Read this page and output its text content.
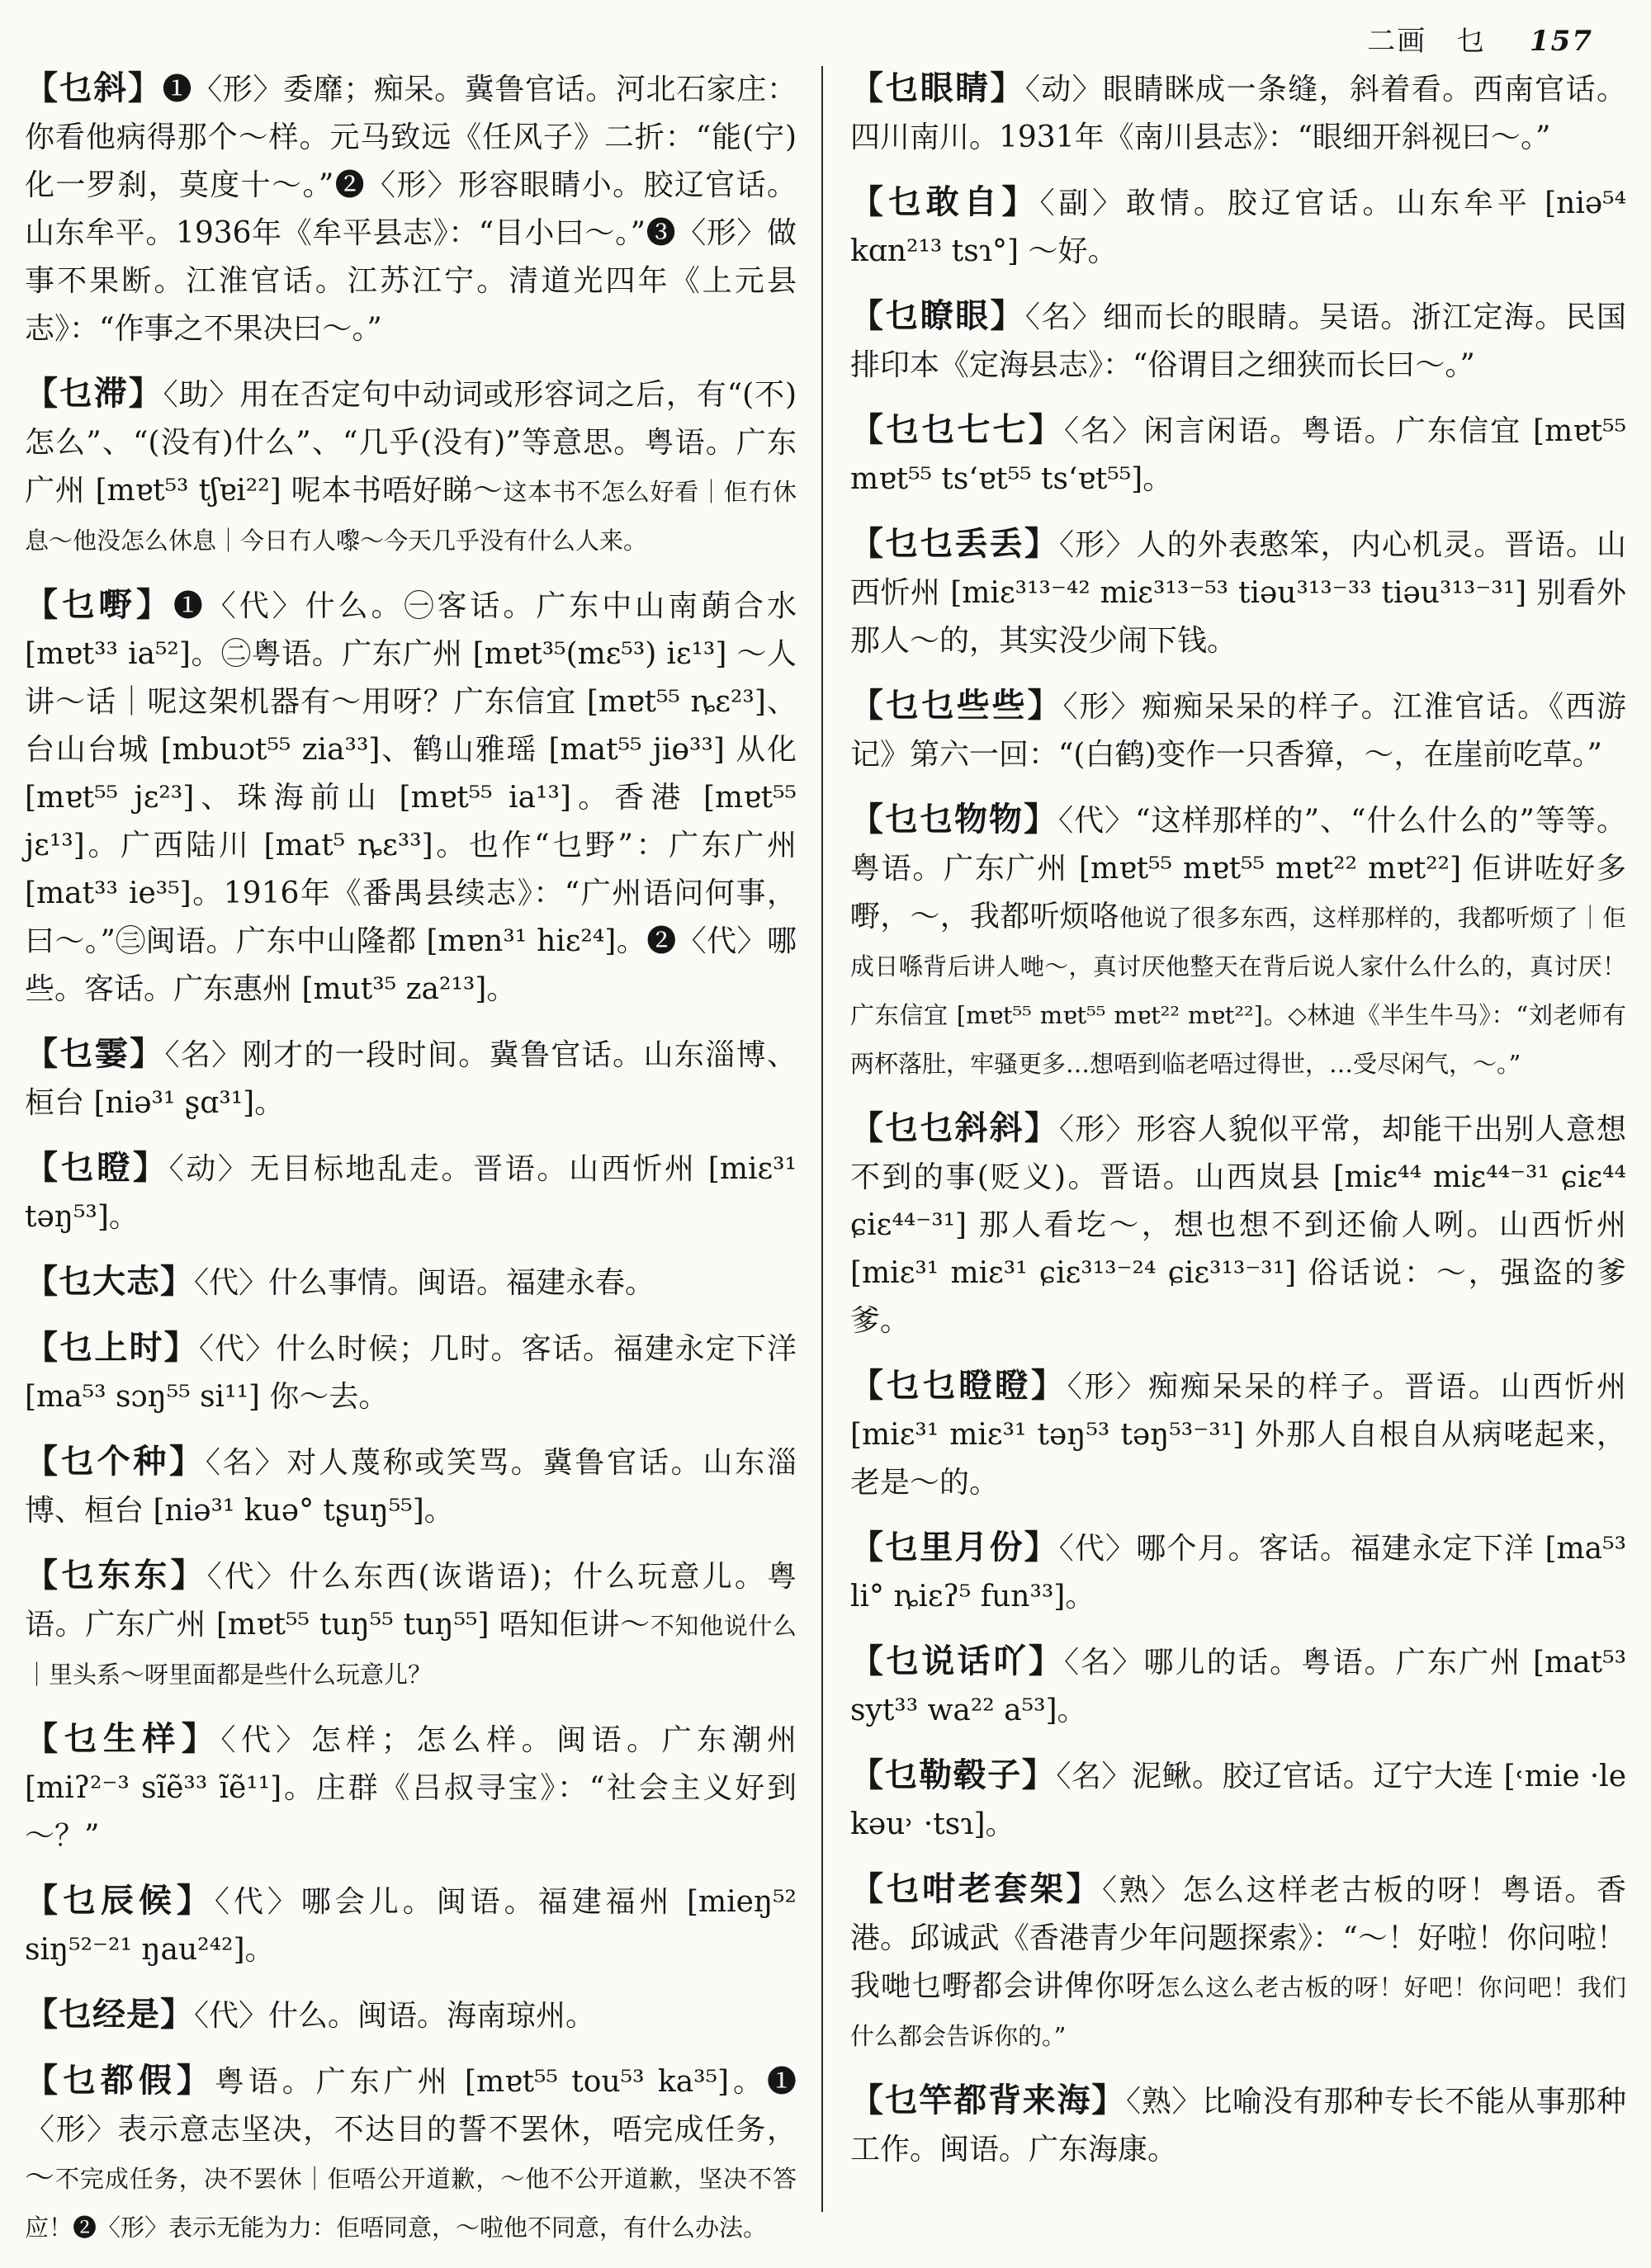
二画　乜 157
【乜斜】❶〈形〉委靡；痴呆。冀鲁官话。河北石家庄：你看他病得那个～样。元马致远《任风子》二折：“能(宁)化一罗刹，莫度十～。”❷〈形〉形容眼睛小。胶辽官话。山东牟平。1936年《牟平县志》：“目小曰～。”❸〈形〉做事不果断。江淮官话。江苏江宁。清道光四年《上元县志》：“作事之不果决曰～。”
【乜滞】〈助〉用在否定句中动词或形容词之后，有“(不)怎么”、“(没有)什么”、“几乎(没有)”等意思。粤语。广东广州 [mɐt⁵³ tʃɐi²²] 呢本书唔好睇～这本书不怎么好看｜佢冇休息～他没怎么休息｜今日冇人嚟～今天几乎没有什么人来。
【乜嘢】❶〈代〉什么。㊀客话。广东中山南蓢合水 [mɐt³³ ia⁵²]。㊁粤语。广东广州 [mɐt³⁵(mɛ⁵³) iɛ¹³] ～人讲～话｜呢这架机器有～用呀？广东信宜 [mɐt⁵⁵ ȵɛ²³]、台山台城 [mbuɔt⁵⁵ zia³³]、鹤山雅瑶 [mat⁵⁵ jiɵ³³] 从化 [mɐt⁵⁵ jɛ²³]、珠海前山 [mɐt⁵⁵ ia¹³]。香港 [mɐt⁵⁵ jɛ¹³]。广西陆川 [mat⁵ ȵɛ³³]。也作“乜野”：广东广州 [mat³³ ie³⁵]。1916年《番禺县续志》：“广州语问何事，曰～。”㊂闽语。广东中山隆都 [mɐn³¹ hiɛ²⁴]。❷〈代〉哪些。客话。广东惠州 [mut³⁵ za²¹³]。
【乜霎】〈名〉刚才的一段时间。冀鲁官话。山东淄博、桓台 [niə³¹ ʂɑ³¹]。
【乜瞪】〈动〉无目标地乱走。晋语。山西忻州 [miɛ³¹ təŋ⁵³]。
【乜大志】〈代〉什么事情。闽语。福建永春。
【乜上时】〈代〉什么时候；几时。客话。福建永定下洋 [ma⁵³ sɔŋ⁵⁵ si¹¹] 你～去。
【乜个种】〈名〉对人蔑称或笑骂。冀鲁官话。山东淄博、桓台 [niə³¹ kuə° tʂuŋ⁵⁵]。
【乜东东】〈代〉什么东西(诙谐语)；什么玩意儿。粤语。广东广州 [mɐt⁵⁵ tuŋ⁵⁵ tuŋ⁵⁵] 唔知佢讲～不知他说什么｜里头系～呀里面都是些什么玩意儿？
【乜生样】〈代〉怎样；怎么样。闽语。广东潮州 [miʔ²⁻³ sĩẽ³³ ĩẽ¹¹]。庄群《吕叔寻宝》：“社会主义好到～？”
【乜辰候】〈代〉哪会儿。闽语。福建福州 [mieŋ⁵² siŋ⁵²⁻²¹ ŋau²⁴²]。
【乜经是】〈代〉什么。闽语。海南琼州。
【乜都假】粤语。广东广州 [mɐt⁵⁵ tou⁵³ ka³⁵]。❶〈形〉表示意志坚决，不达目的誓不罢休，唔完成任务，～不完成任务，决不罢休｜佢唔公开道歉，～他不公开道歉，坚决不答应！❷〈形〉表示无能为力：佢唔同意，～啦他不同意，有什么办法。
【乜眼睛】〈动〉眼睛眯成一条缝，斜着看。西南官话。四川南川。1931年《南川县志》：“眼细开斜视曰～。”
【乜敢自】〈副〉敢情。胶辽官话。山东牟平 [niə⁵⁴ kɑn²¹³ tsɿ°] ～好。
【乜瞭眼】〈名〉细而长的眼睛。吴语。浙江定海。民国排印本《定海县志》：“俗谓目之细狭而长曰～。”
【乜乜七七】〈名〉闲言闲语。粤语。广东信宜 [mɐt⁵⁵ mɐt⁵⁵ tsʻɐt⁵⁵ tsʻɐt⁵⁵]。
【乜乜丢丢】〈形〉人的外表憨笨，内心机灵。晋语。山西忻州 [miɛ³¹³⁻⁴² miɛ³¹³⁻⁵³ tiəu³¹³⁻³³ tiəu³¹³⁻³¹] 别看外那人～的，其实没少闹下钱。
【乜乜些些】〈形〉痴痴呆呆的样子。江淮官话。《西游记》第六一回：“(白鹤)变作一只香獐，～，在崖前吃草。”
【乜乜物物】〈代〉“这样那样的”、“什么什么的”等等。粤语。广东广州 [mɐt⁵⁵ mɐt⁵⁵ mɐt²² mɐt²²] 佢讲咗好多嘢，～，我都听烦咯他说了很多东西，这样那样的，我都听烦了｜佢成日喺背后讲人哋～，真讨厌他整天在背后说人家什么什么的，真讨厌！ 广东信宜 [mɐt⁵⁵ mɐt⁵⁵ mɐt²² mɐt²²]。◇林迪《半生牛马》：“刘老师有两杯落肚，牢骚更多…想唔到临老唔过得世，…受尽闲气，～。”
【乜乜斜斜】〈形〉形容人貌似平常，却能干出别人意想不到的事(贬义)。晋语。山西岚县 [miɛ⁴⁴ miɛ⁴⁴⁻³¹ ɕiɛ⁴⁴ ɕiɛ⁴⁴⁻³¹] 那人看圪～，想也想不到还偷人咧。山西忻州 [miɛ³¹ miɛ³¹ ɕiɛ³¹³⁻²⁴ ɕiɛ³¹³⁻³¹] 俗话说：～，强盗的爹爹。
【乜乜瞪瞪】〈形〉痴痴呆呆的样子。晋语。山西忻州 [miɛ³¹ miɛ³¹ təŋ⁵³ təŋ⁵³⁻³¹] 外那人自根自从病咾起来，老是～的。
【乜里月份】〈代〉哪个月。客话。福建永定下洋 [ma⁵³ li° ȵiɛʔ⁵ fun³³]。
【乜说话吖】〈名〉哪儿的话。粤语。广东广州 [mat⁵³ syt³³ wa²² a⁵³]。
【乜勒毂子】〈名〉泥鳅。胶辽官话。辽宁大连 [˓mie ·le kəu˒ ·tsɿ]。
【乜咁老套架】〈熟〉怎么这样老古板的呀！粤语。香港。邱诚武《香港青少年问题探索》：“～！好啦！你问啦！我哋乜嘢都会讲俾你呀怎么这么老古板的呀！好吧！你问吧！我们什么都会告诉你的。”
【乜竿都背来海】〈熟〉比喻没有那种专长不能从事那种工作。闽语。广东海康。
